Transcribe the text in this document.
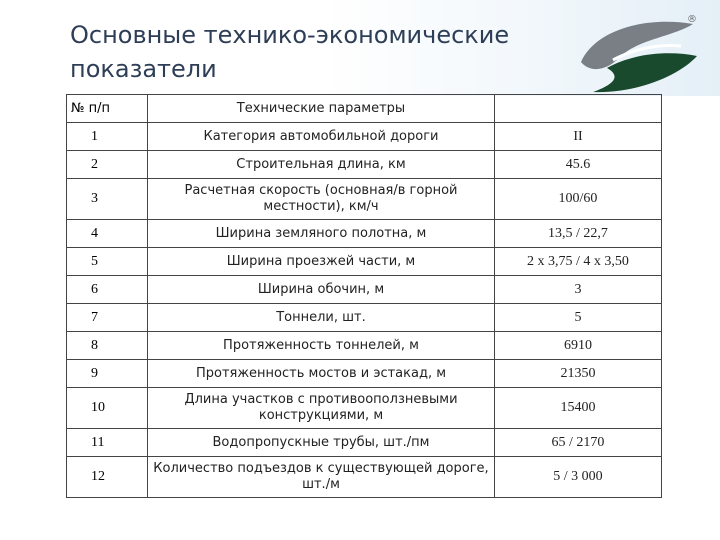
Основные технико-экономические
показатели
®
№ п/п	Технические параметры	
1	Категория автомобильной дороги	II
2	Строительная длина, км	45.6
3	Расчетная скорость (основная/в горной местности), км/ч	100/60
4	Ширина земляного полотна, м	13,5 / 22,7
5	Ширина проезжей части, м	2 x 3,75 / 4 x 3,50
6	Ширина обочин, м	3
7	Тоннели, шт.	5
8	Протяженность тоннелей, м	6910
9	Протяженность мостов и эстакад, м	21350
10	Длина участков с противооползневыми конструкциями, м	15400
11	Водопропускные трубы, шт./пм	65 / 2170
12	Количество подъездов к существующей дороге, шт./м	5 / 3 000
